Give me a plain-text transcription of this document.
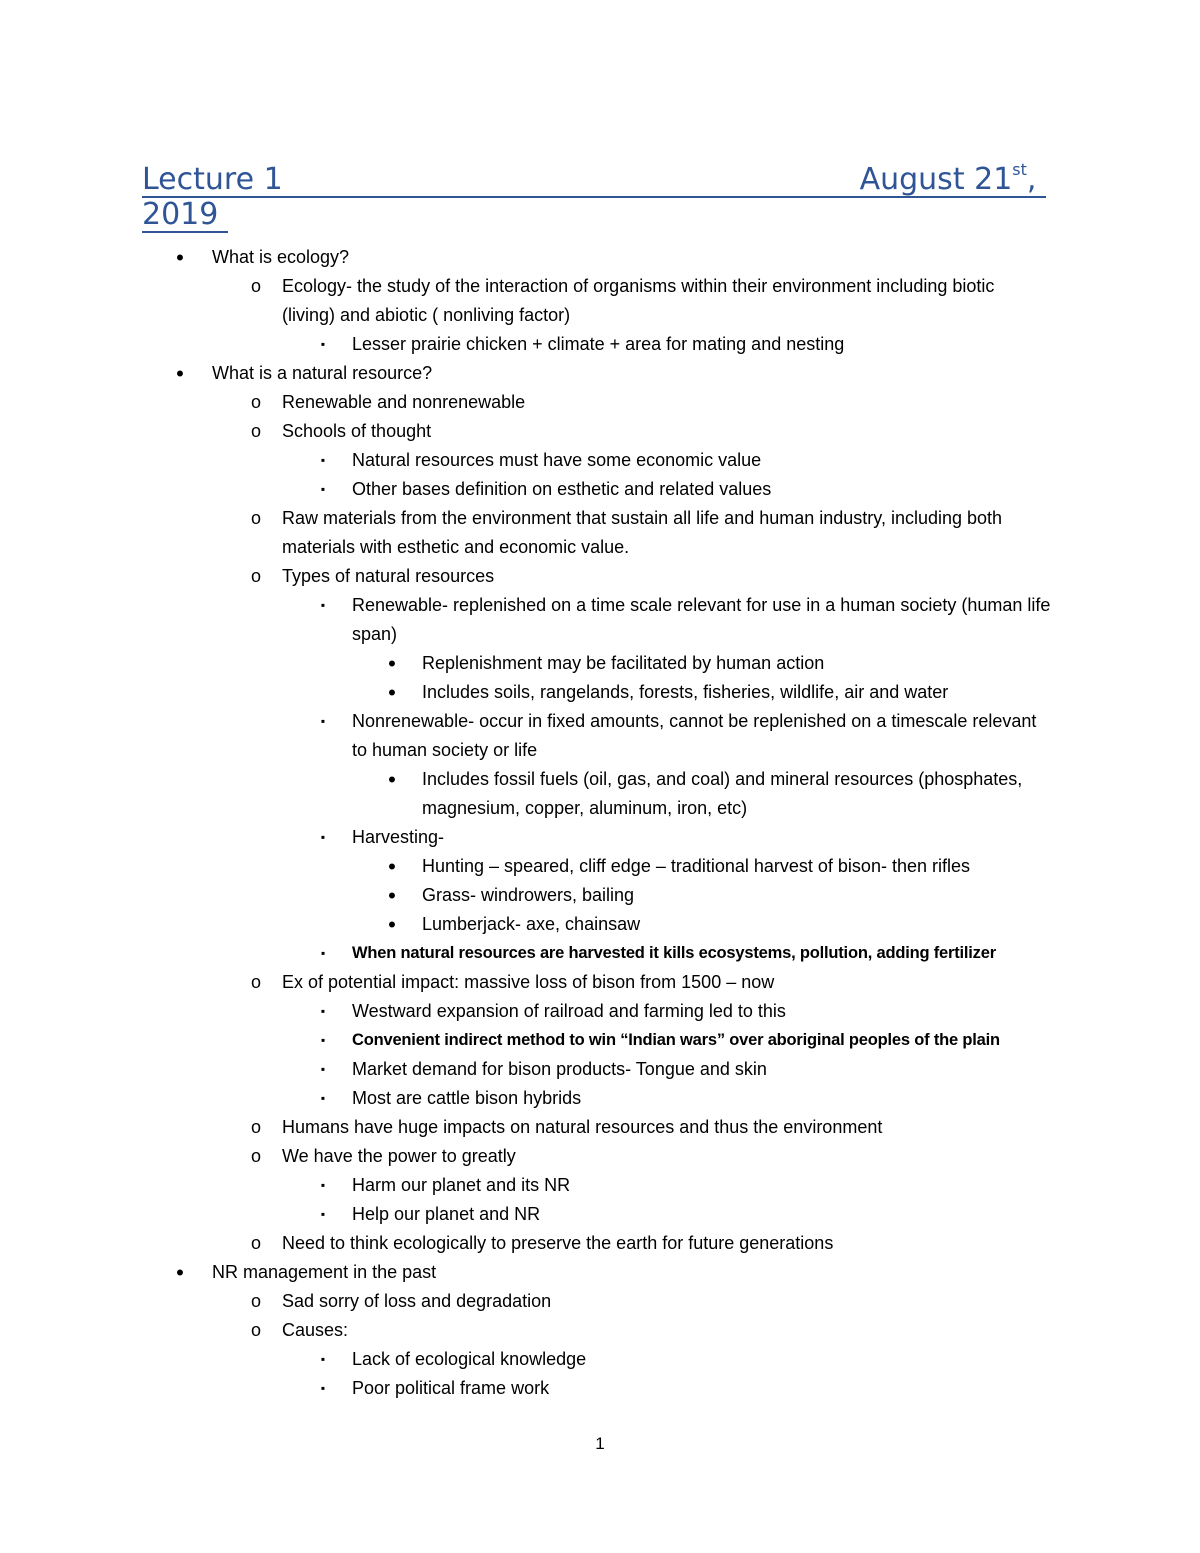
Lecture 1	August 21st,
2019
•	What is ecology?
o Ecology- the study of the interaction of organisms within their environment including biotic (living) and abiotic ( nonliving factor)
▪	Lesser prairie chicken + climate + area for mating and nesting
•	What is a natural resource?
o Renewable and nonrenewable
o Schools of thought
▪	Natural resources must have some economic value
▪	Other bases definition on esthetic and related values
o Raw materials from the environment that sustain all life and human industry, including both materials with esthetic and economic value.
o Types of natural resources
▪	Renewable- replenished on a time scale relevant for use in a human society (human life span)
•	Replenishment may be facilitated by human action
•	Includes soils, rangelands, forests, fisheries, wildlife, air and water
▪	Nonrenewable- occur in fixed amounts, cannot be replenished on a timescale relevant to human society or life
•	Includes fossil fuels (oil, gas, and coal) and mineral resources (phosphates, magnesium, copper, aluminum, iron, etc)
▪	Harvesting-
•	Hunting – speared, cliff edge – traditional harvest of bison- then rifles
•	Grass- windrowers, bailing
•	Lumberjack- axe, chainsaw
▪	When natural resources are harvested it kills ecosystems, pollution, adding fertilizer
o Ex of potential impact: massive loss of bison from 1500 – now
▪	Westward expansion of railroad and farming led to this
▪	Convenient indirect method to win “Indian wars” over aboriginal peoples of the plain
▪	Market demand for bison products- Tongue and skin
▪	Most are cattle bison hybrids
o Humans have huge impacts on natural resources and thus the environment
o We have the power to greatly
▪	Harm our planet and its NR
▪	Help our planet and NR
o Need to think ecologically to preserve the earth for future generations
•	NR management in the past
o Sad sorry of loss and degradation
o Causes:
▪	Lack of ecological knowledge
▪	Poor political frame work
1
